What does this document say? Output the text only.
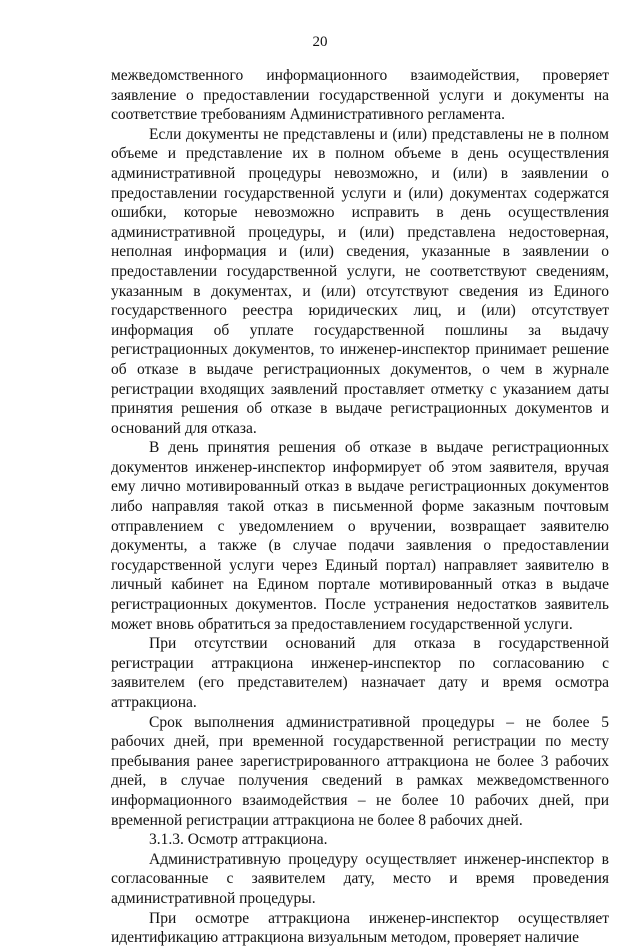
20

межведомственного информационного взаимодействия, проверяет заявление о предоставлении государственной услуги и документы на соответствие требованиям Административного регламента.

Если документы не представлены и (или) представлены не в полном объеме и представление их в полном объеме в день осуществления административной процедуры невозможно, и (или) в заявлении о предоставлении государственной услуги и (или) документах содержатся ошибки, которые невозможно исправить в день осуществления административной процедуры, и (или) представлена недостоверная, неполная информация и (или) сведения, указанные в заявлении о предоставлении государственной услуги, не соответствуют сведениям, указанным в документах, и (или) отсутствуют сведения из Единого государственного реестра юридических лиц, и (или) отсутствует информация об уплате государственной пошлины за выдачу регистрационных документов, то инженер-инспектор принимает решение об отказе в выдаче регистрационных документов, о чем в журнале регистрации входящих заявлений проставляет отметку с указанием даты принятия решения об отказе в выдаче регистрационных документов и оснований для отказа.

В день принятия решения об отказе в выдаче регистрационных документов инженер-инспектор информирует об этом заявителя, вручая ему лично мотивированный отказ в выдаче регистрационных документов либо направляя такой отказ в письменной форме заказным почтовым отправлением с уведомлением о вручении, возвращает заявителю документы, а также (в случае подачи заявления о предоставлении государственной услуги через Единый портал) направляет заявителю в личный кабинет на Едином портале мотивированный отказ в выдаче регистрационных документов. После устранения недостатков заявитель может вновь обратиться за предоставлением государственной услуги.

При отсутствии оснований для отказа в государственной регистрации аттракциона инженер-инспектор по согласованию с заявителем (его представителем) назначает дату и время осмотра аттракциона.

Срок выполнения административной процедуры – не более 5 рабочих дней, при временной государственной регистрации по месту пребывания ранее зарегистрированного аттракциона не более 3 рабочих дней, в случае получения сведений в рамках межведомственного информационного взаимодействия – не более 10 рабочих дней, при временной регистрации аттракциона не более 8 рабочих дней.

3.1.3. Осмотр аттракциона.

Административную процедуру осуществляет инженер-инспектор в согласованные с заявителем дату, место и время проведения административной процедуры.

При осмотре аттракциона инженер-инспектор осуществляет идентификацию аттракциона визуальным методом, проверяет наличие
